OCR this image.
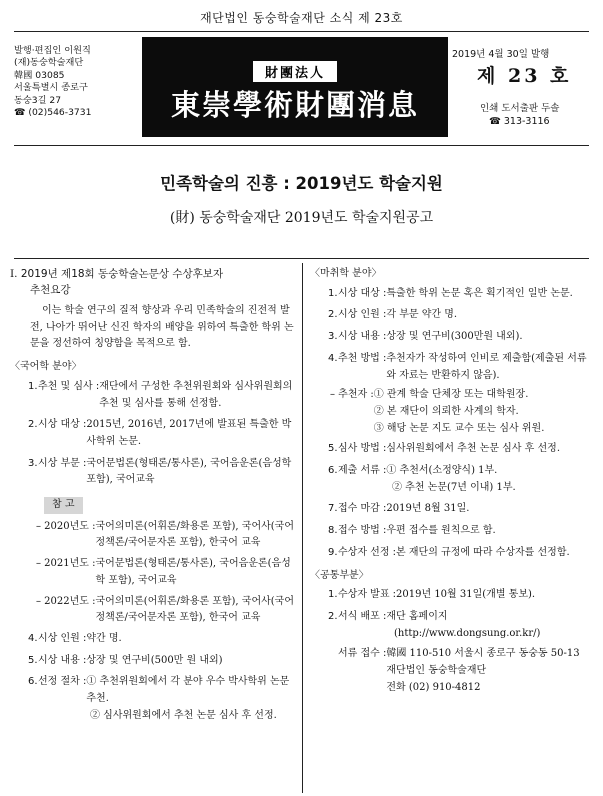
재단법인 동숭학술재단 소식 제 23호
발행·편집인 이원직
(재)동숭학술재단
韓國 03085
서울특별시 종로구
동숭3길 27
☎ (02)546-3731
財團法人
東崇學術財團消息
2019년 4월 30일 발행
제 23 호
인쇄 도서출판 두솔
☎ 313-3116
민족학술의 진흥 : 2019년도 학술지원
(財) 동숭학술재단 2019년도 학술지원공고
I. 2019년 제18회 동숭학술논문상 수상후보자
추천요강
이는 학술 연구의 질적 향상과 우리 민족학술의 진전적 발전, 나아가 뛰어난 신진 학자의 배양을 위하여 특출한 학위 논문을 정선하여 칭양함을 목적으로 함.
〈국어학 분야〉
1. 추천 및 심사 : 재단에서 구성한 추천위원회와 심사위원회의 추천 및 심사를 통해 선정함.
2. 시상 대상 : 2015년, 2016년, 2017년에 발표된 특출한 박사학위 논문.
3. 시상 부문 : 국어문법론(형태론/통사론), 국어음운론(음성학 포함), 국어교육
참 고
– 2020년도 : 국어의미론(어휘론/화용론 포함), 국어사(국어정책론/국어문자론 포함), 한국어 교육
– 2021년도 : 국어문법론(형태론/통사론), 국어음운론(음성학 포함), 국어교육
– 2022년도 : 국어의미론(어휘론/화용론 포함), 국어사(국어정책론/국어문자론 포함), 한국어 교육
4. 시상 인원 : 약간 명.
5. 시상 내용 : 상장 및 연구비(500만 원 내외)
6. 선정 절차 : ① 추천위원회에서 각 분야 우수 박사학위 논문 추천.
② 심사위원회에서 추천 논문 심사 후 선정.
〈마취학 분야〉
1. 시상 대상 : 특출한 학위 논문 혹은 획기적인 일반 논문.
2. 시상 인원 : 각 부문 약간 명.
3. 시상 내용 : 상장 및 연구비(300만원 내외).
4. 추천 방법 : 추천자가 작성하여 인비로 제출함(제출된 서류와 자료는 반환하지 않음).
– 추천자 : ① 관계 학술 단체장 또는 대학원장.
② 본 재단이 의뢰한 사계의 학자.
③ 해당 논문 지도 교수 또는 심사 위원.
5. 심사 방법 : 심사위원회에서 추천 논문 심사 후 선정.
6. 제출 서류 : ① 추천서(소정양식) 1부.
② 추천 논문(7년 이내) 1부.
7. 접수 마감 : 2019년 8월 31일.
8. 접수 방법 : 우편 접수를 원칙으로 함.
9. 수상자 선정 : 본 재단의 규정에 따라 수상자를 선정함.
〈공통부분〉
1. 수상자 발표 : 2019년 10월 31일(개별 통보).
2. 서식 배포 : 재단 홈페이지
(http://www.dongsung.or.kr/)
서류 접수 : 韓國 110-510 서울시 종로구 동숭동 50-13
재단법인 동숭학술재단
전화 (02) 910-4812
